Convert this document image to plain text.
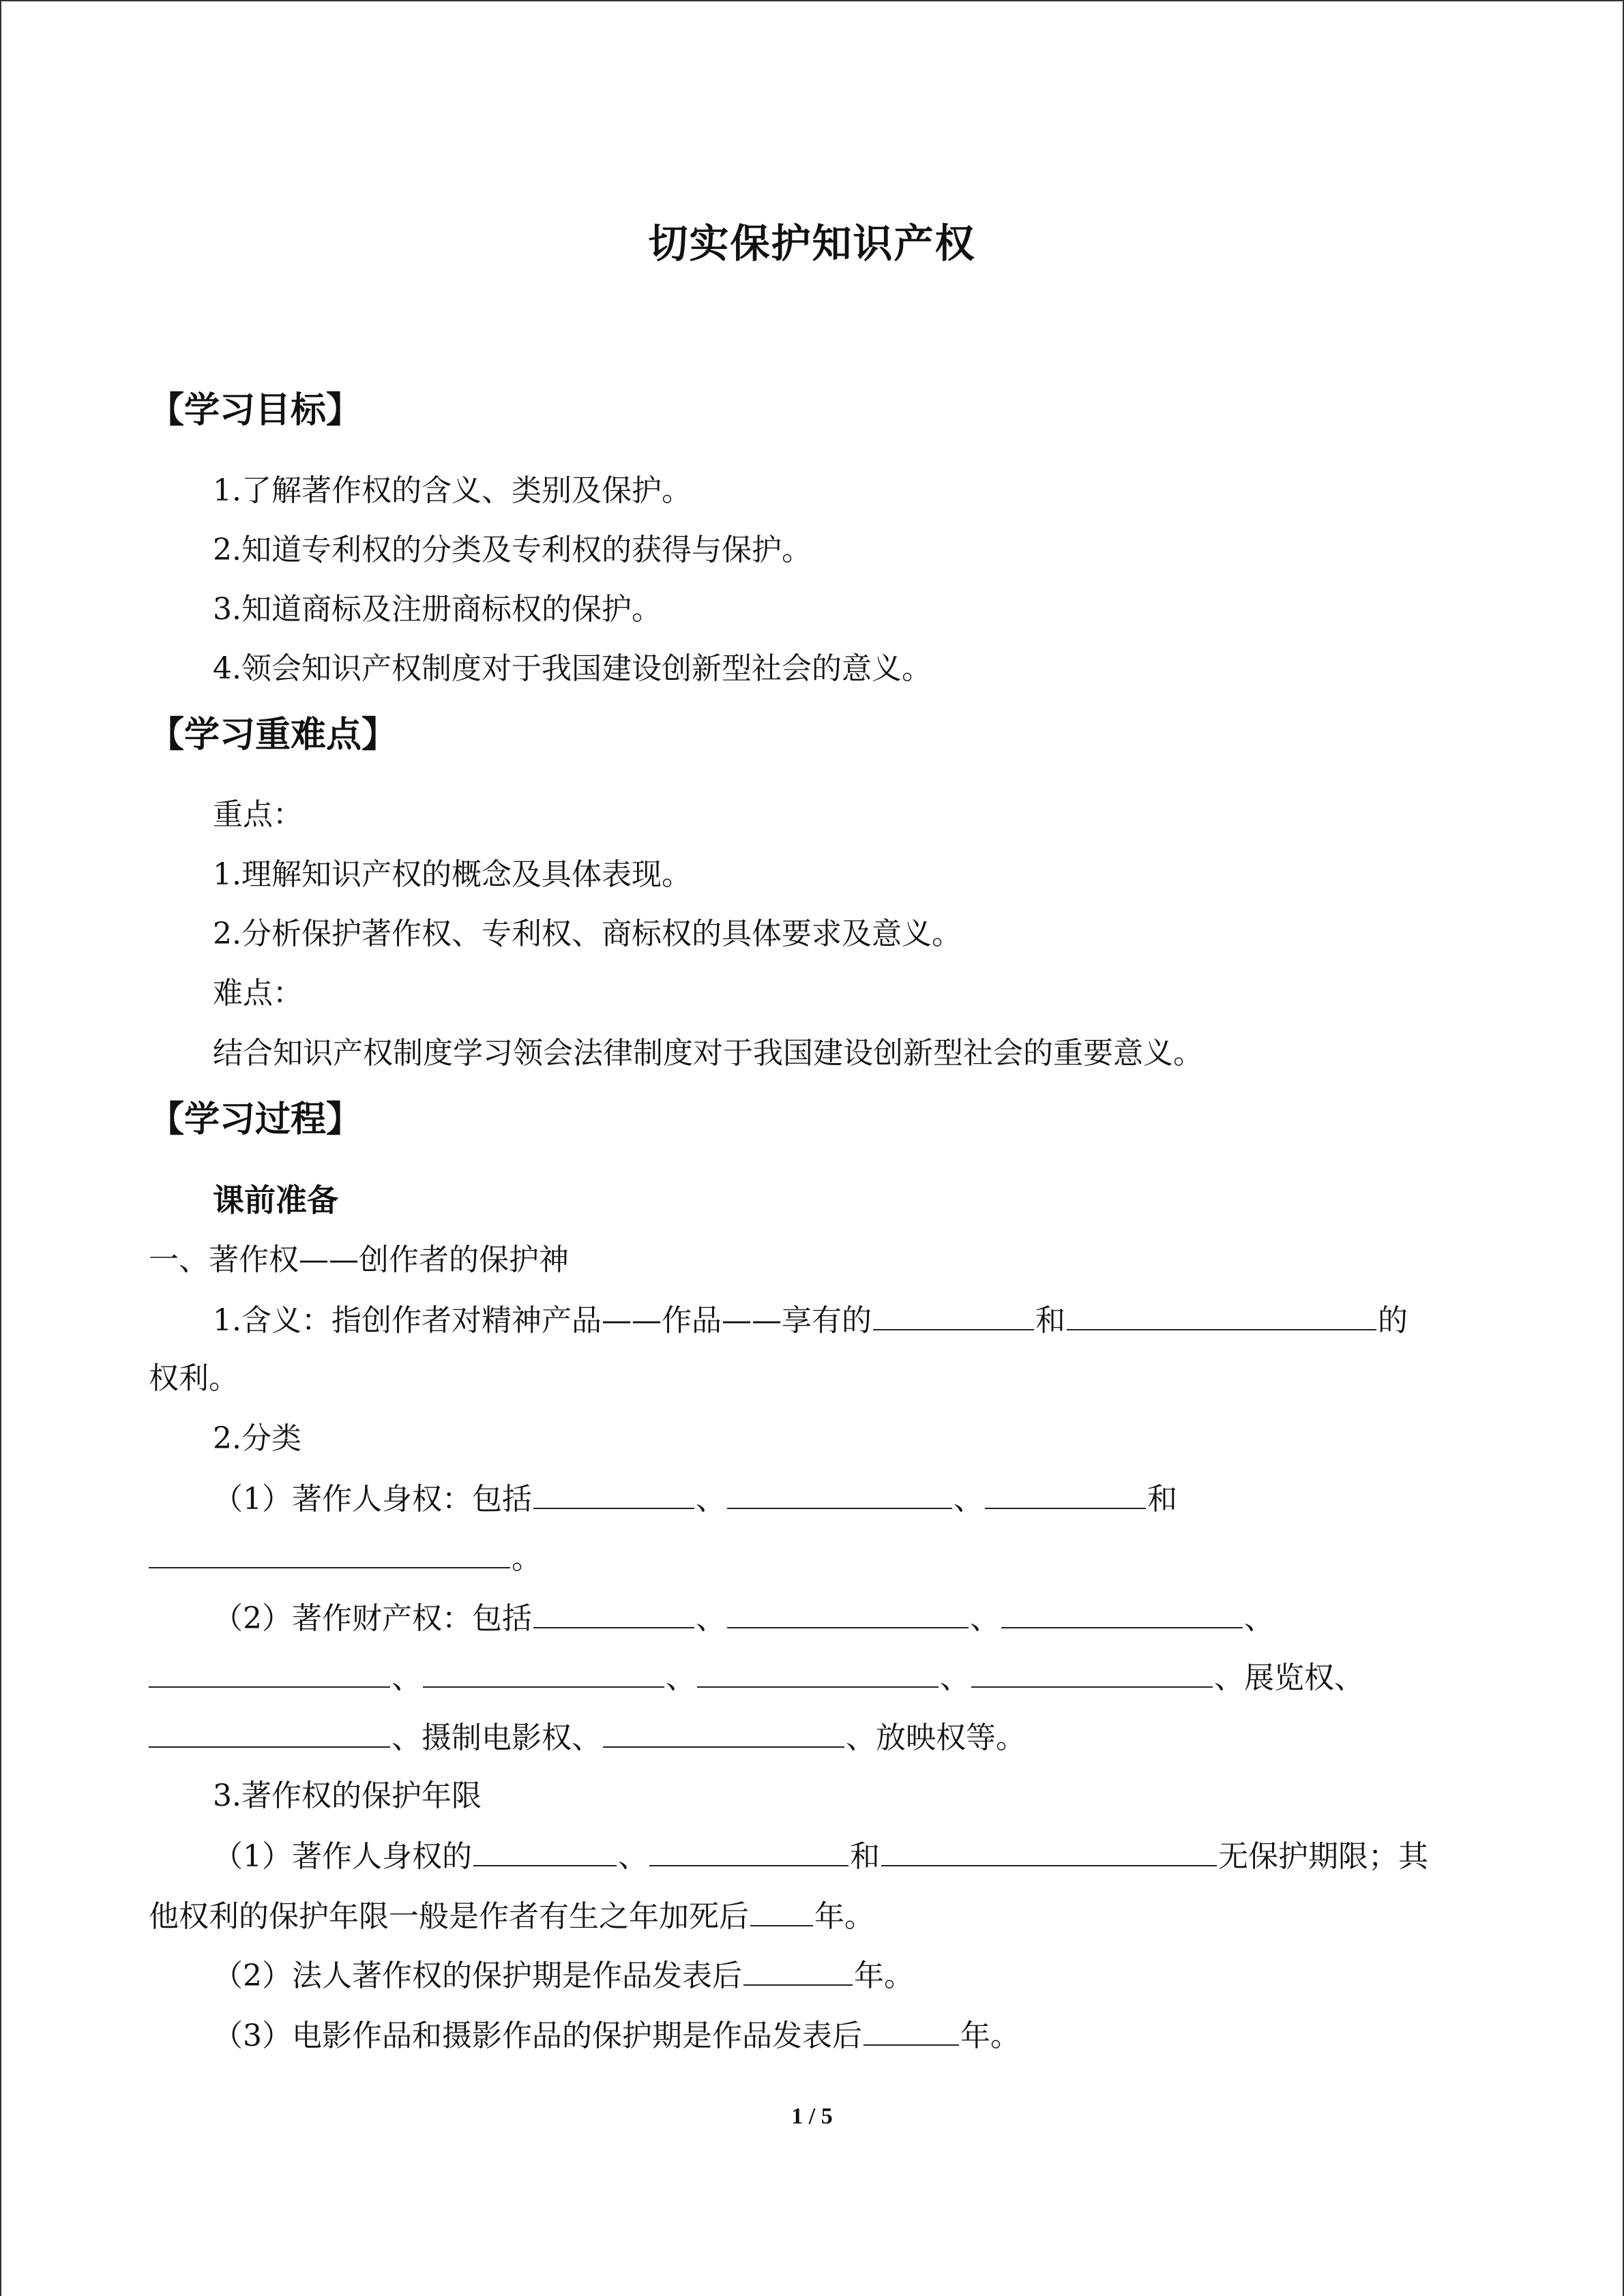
切实保护知识产权
【学习目标】
1.了解著作权的含义、类别及保护。
2.知道专利权的分类及专利权的获得与保护。
3.知道商标及注册商标权的保护。
4.领会知识产权制度对于我国建设创新型社会的意义。
【学习重难点】
重点：
1.理解知识产权的概念及具体表现。
2.分析保护著作权、专利权、商标权的具体要求及意义。
难点：
结合知识产权制度学习领会法律制度对于我国建设创新型社会的重要意义。
【学习过程】
课前准备
一、著作权——创作者的保护神
1.含义：指创作者对精神产品——作品——享有的	和	的
权利。
2.分类
（1）著作人身权：包括	、	、	和
。
（2）著作财产权：包括	、	、	、
、	、	、	、展览权、
、摄制电影权、	、放映权等。
3.著作权的保护年限
（1）著作人身权的	、	和	无保护期限；其
他权利的保护年限一般是作者有生之年加死后 年。
（2）法人著作权的保护期是作品发表后	年。
（3）电影作品和摄影作品的保护期是作品发表后	年。
1 / 5
